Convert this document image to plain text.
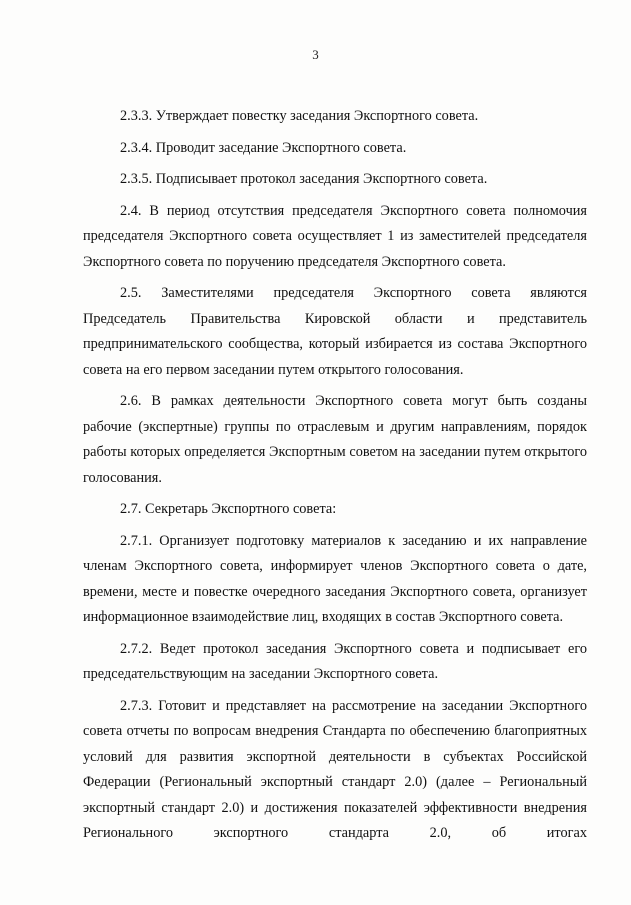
3

2.3.3. Утверждает повестку заседания Экспортного совета.

2.3.4. Проводит заседание Экспортного совета.

2.3.5. Подписывает протокол заседания Экспортного совета.

2.4. В период отсутствия председателя Экспортного совета полномочия председателя Экспортного совета осуществляет 1 из заместителей председателя Экспортного совета по поручению председателя Экспортного совета.

2.5. Заместителями председателя Экспортного совета являются Председатель Правительства Кировской области и представитель предпринимательского сообщества, который избирается из состава Экспортного совета на его первом заседании путем открытого голосования.

2.6. В рамках деятельности Экспортного совета могут быть созданы рабочие (экспертные) группы по отраслевым и другим направлениям, порядок работы которых определяется Экспортным советом на заседании путем открытого голосования.

2.7. Секретарь Экспортного совета:

2.7.1. Организует подготовку материалов к заседанию и их направление членам Экспортного совета, информирует членов Экспортного совета о дате, времени, месте и повестке очередного заседания Экспортного совета, организует информационное взаимодействие лиц, входящих в состав Экспортного совета.

2.7.2. Ведет протокол заседания Экспортного совета и подписывает его председательствующим на заседании Экспортного совета.

2.7.3. Готовит и представляет на рассмотрение на заседании Экспортного совета отчеты по вопросам внедрения Стандарта по обеспечению благоприятных условий для развития экспортной деятельности в субъектах Российской Федерации (Региональный экспортный стандарт 2.0) (далее – Региональный экспортный стандарт 2.0) и достижения показателей эффективности внедрения Регионального экспортного стандарта 2.0, об итогах
